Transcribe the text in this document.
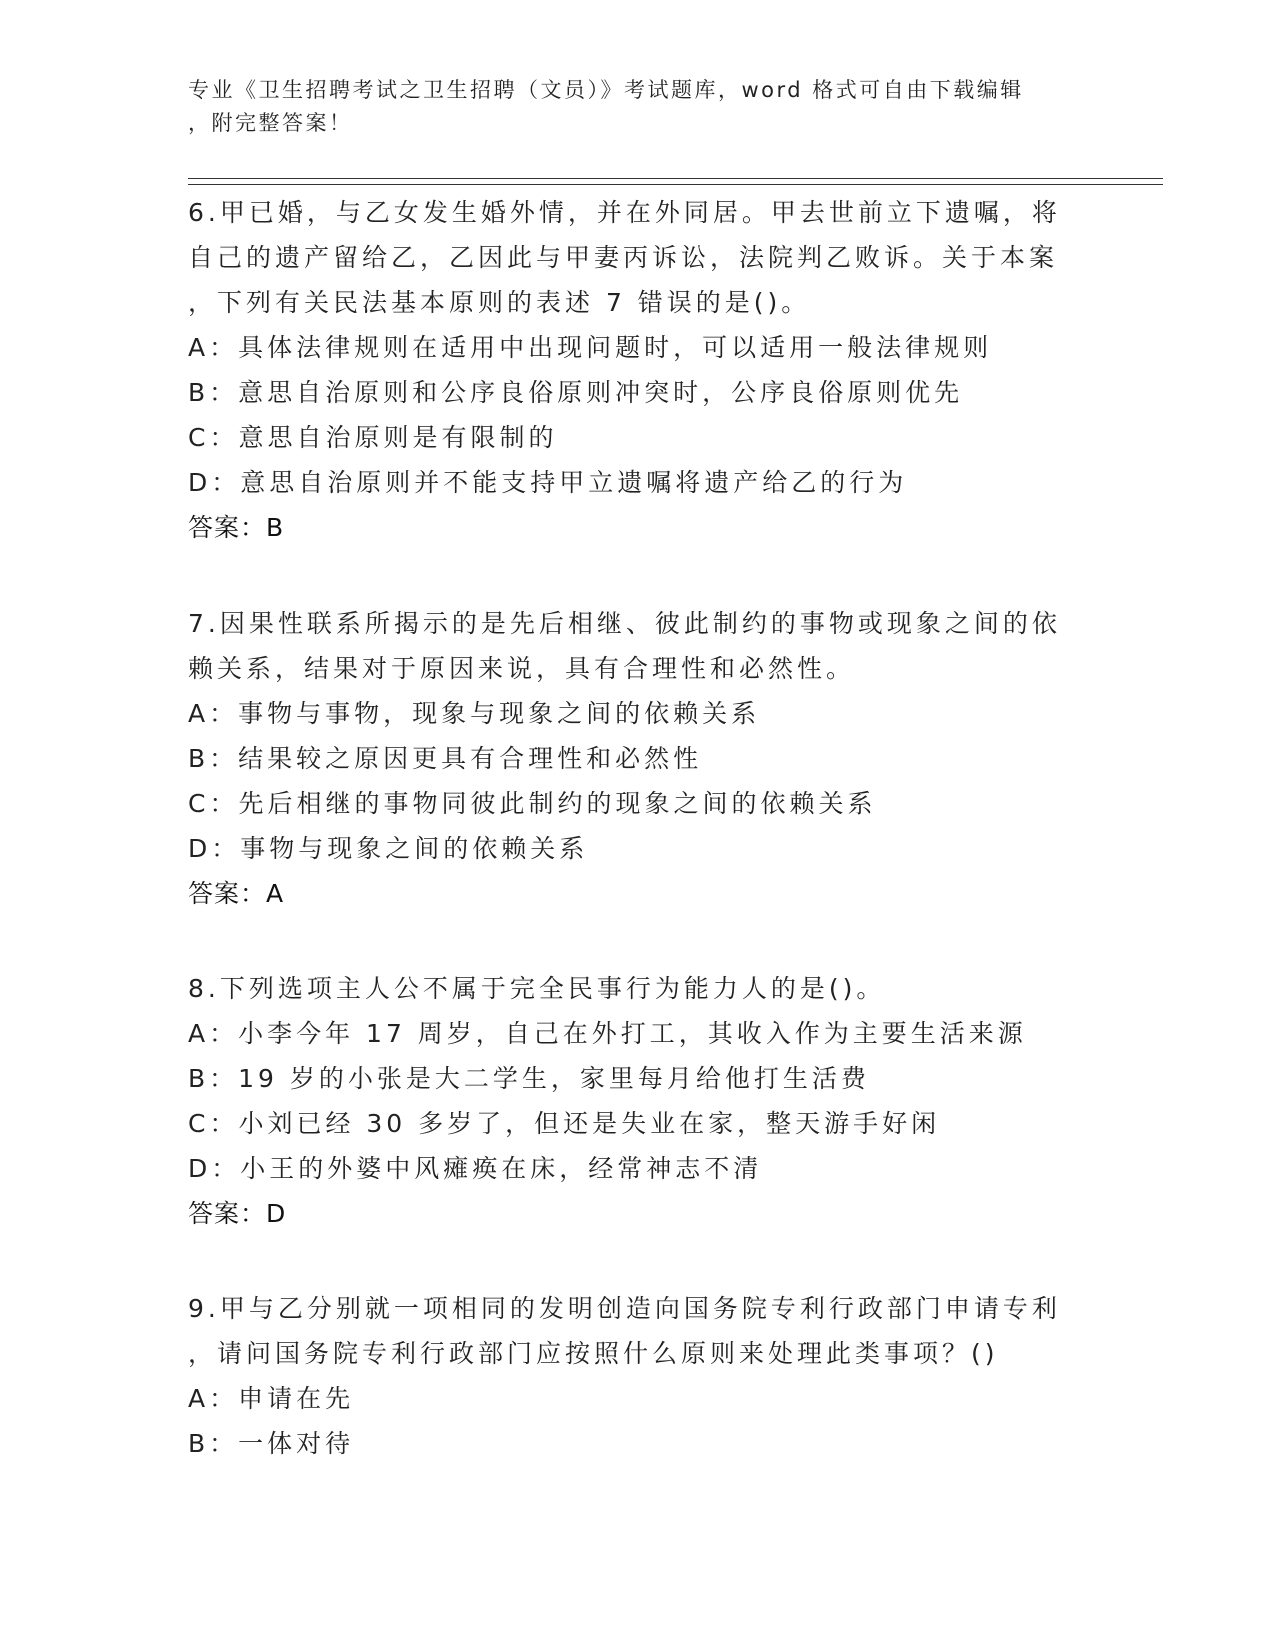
专业《卫生招聘考试之卫生招聘（文员）》考试题库，word 格式可自由下载编辑
，附完整答案！

6.甲已婚，与乙女发生婚外情，并在外同居。甲去世前立下遗嘱，将

自己的遗产留给乙，乙因此与甲妻丙诉讼，法院判乙败诉。关于本案

，下列有关民法基本原则的表述 7 错误的是()。

A：具体法律规则在适用中出现问题时，可以适用一般法律规则

B：意思自治原则和公序良俗原则冲突时，公序良俗原则优先

C：意思自治原则是有限制的

D：意思自治原则并不能支持甲立遗嘱将遗产给乙的行为

答案：B

7.因果性联系所揭示的是先后相继、彼此制约的事物或现象之间的依

赖关系，结果对于原因来说，具有合理性和必然性。

A：事物与事物，现象与现象之间的依赖关系

B：结果较之原因更具有合理性和必然性

C：先后相继的事物同彼此制约的现象之间的依赖关系

D：事物与现象之间的依赖关系

答案：A

8.下列选项主人公不属于完全民事行为能力人的是()。

A：小李今年 17 周岁，自己在外打工，其收入作为主要生活来源

B：19 岁的小张是大二学生，家里每月给他打生活费

C：小刘已经 30 多岁了，但还是失业在家，整天游手好闲

D：小王的外婆中风瘫痪在床，经常神志不清

答案：D

9.甲与乙分别就一项相同的发明创造向国务院专利行政部门申请专利

，请问国务院专利行政部门应按照什么原则来处理此类事项？()

A：申请在先

B：一体对待
